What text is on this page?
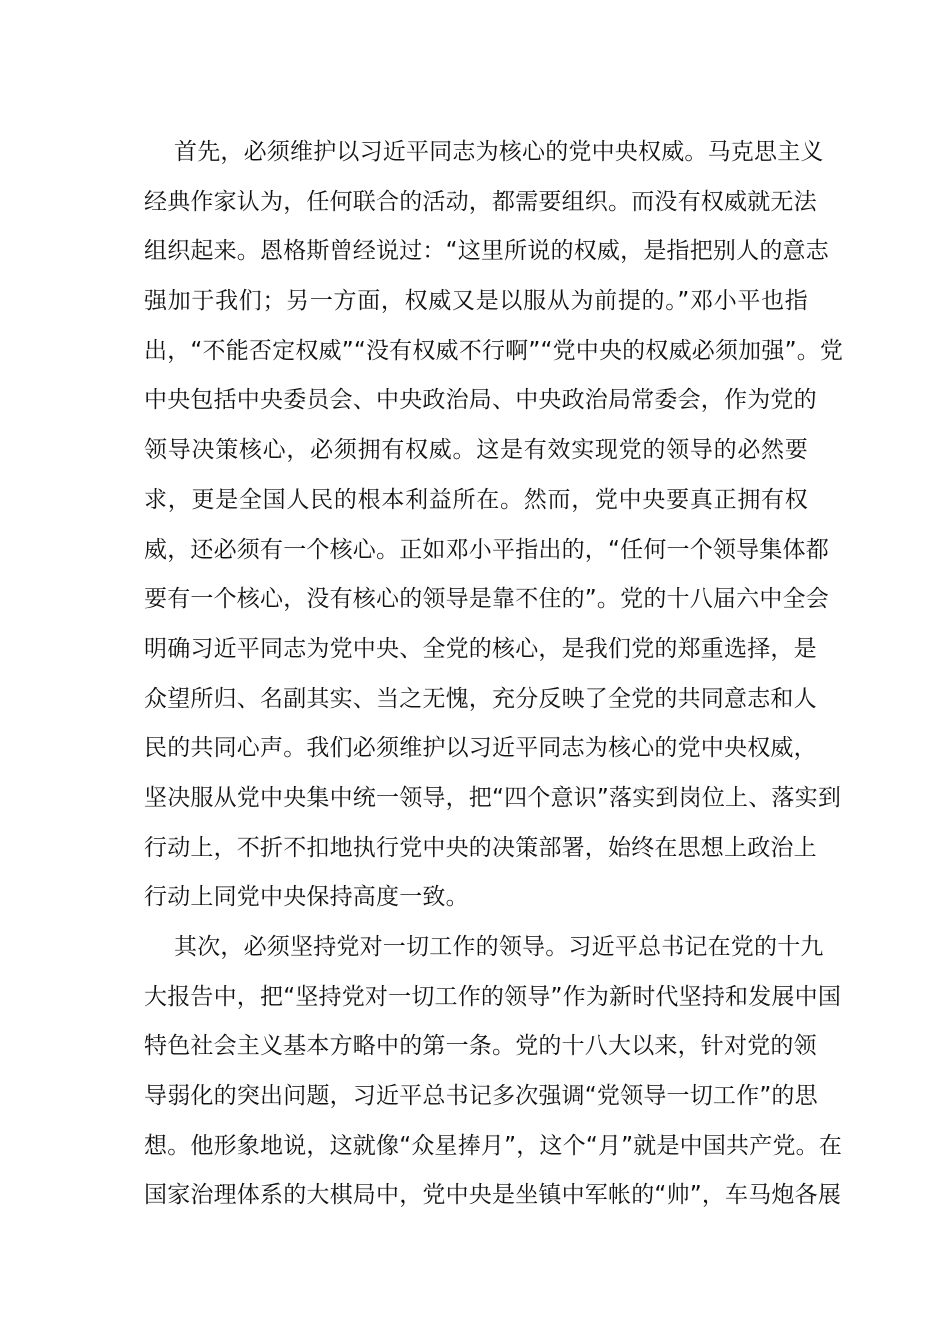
首先，必须维护以习近平同志为核心的党中央权威。马克思主义
经典作家认为，任何联合的活动，都需要组织。而没有权威就无法
组织起来。恩格斯曾经说过：“这里所说的权威，是指把别人的意志
强加于我们；另一方面，权威又是以服从为前提的。”邓小平也指
出，“不能否定权威”“没有权威不行啊”“党中央的权威必须加强”。党
中央包括中央委员会、中央政治局、中央政治局常委会，作为党的
领导决策核心，必须拥有权威。这是有效实现党的领导的必然要
求，更是全国人民的根本利益所在。然而，党中央要真正拥有权
威，还必须有一个核心。正如邓小平指出的，“任何一个领导集体都
要有一个核心，没有核心的领导是靠不住的”。党的十八届六中全会
明确习近平同志为党中央、全党的核心，是我们党的郑重选择，是
众望所归、名副其实、当之无愧，充分反映了全党的共同意志和人
民的共同心声。我们必须维护以习近平同志为核心的党中央权威，
坚决服从党中央集中统一领导，把“四个意识”落实到岗位上、落实到
行动上，不折不扣地执行党中央的决策部署，始终在思想上政治上
行动上同党中央保持高度一致。
其次，必须坚持党对一切工作的领导。习近平总书记在党的十九
大报告中，把“坚持党对一切工作的领导”作为新时代坚持和发展中国
特色社会主义基本方略中的第一条。党的十八大以来，针对党的领
导弱化的突出问题，习近平总书记多次强调“党领导一切工作”的思
想。他形象地说，这就像“众星捧月”，这个“月”就是中国共产党。在
国家治理体系的大棋局中，党中央是坐镇中军帐的“帅”，车马炮各展
